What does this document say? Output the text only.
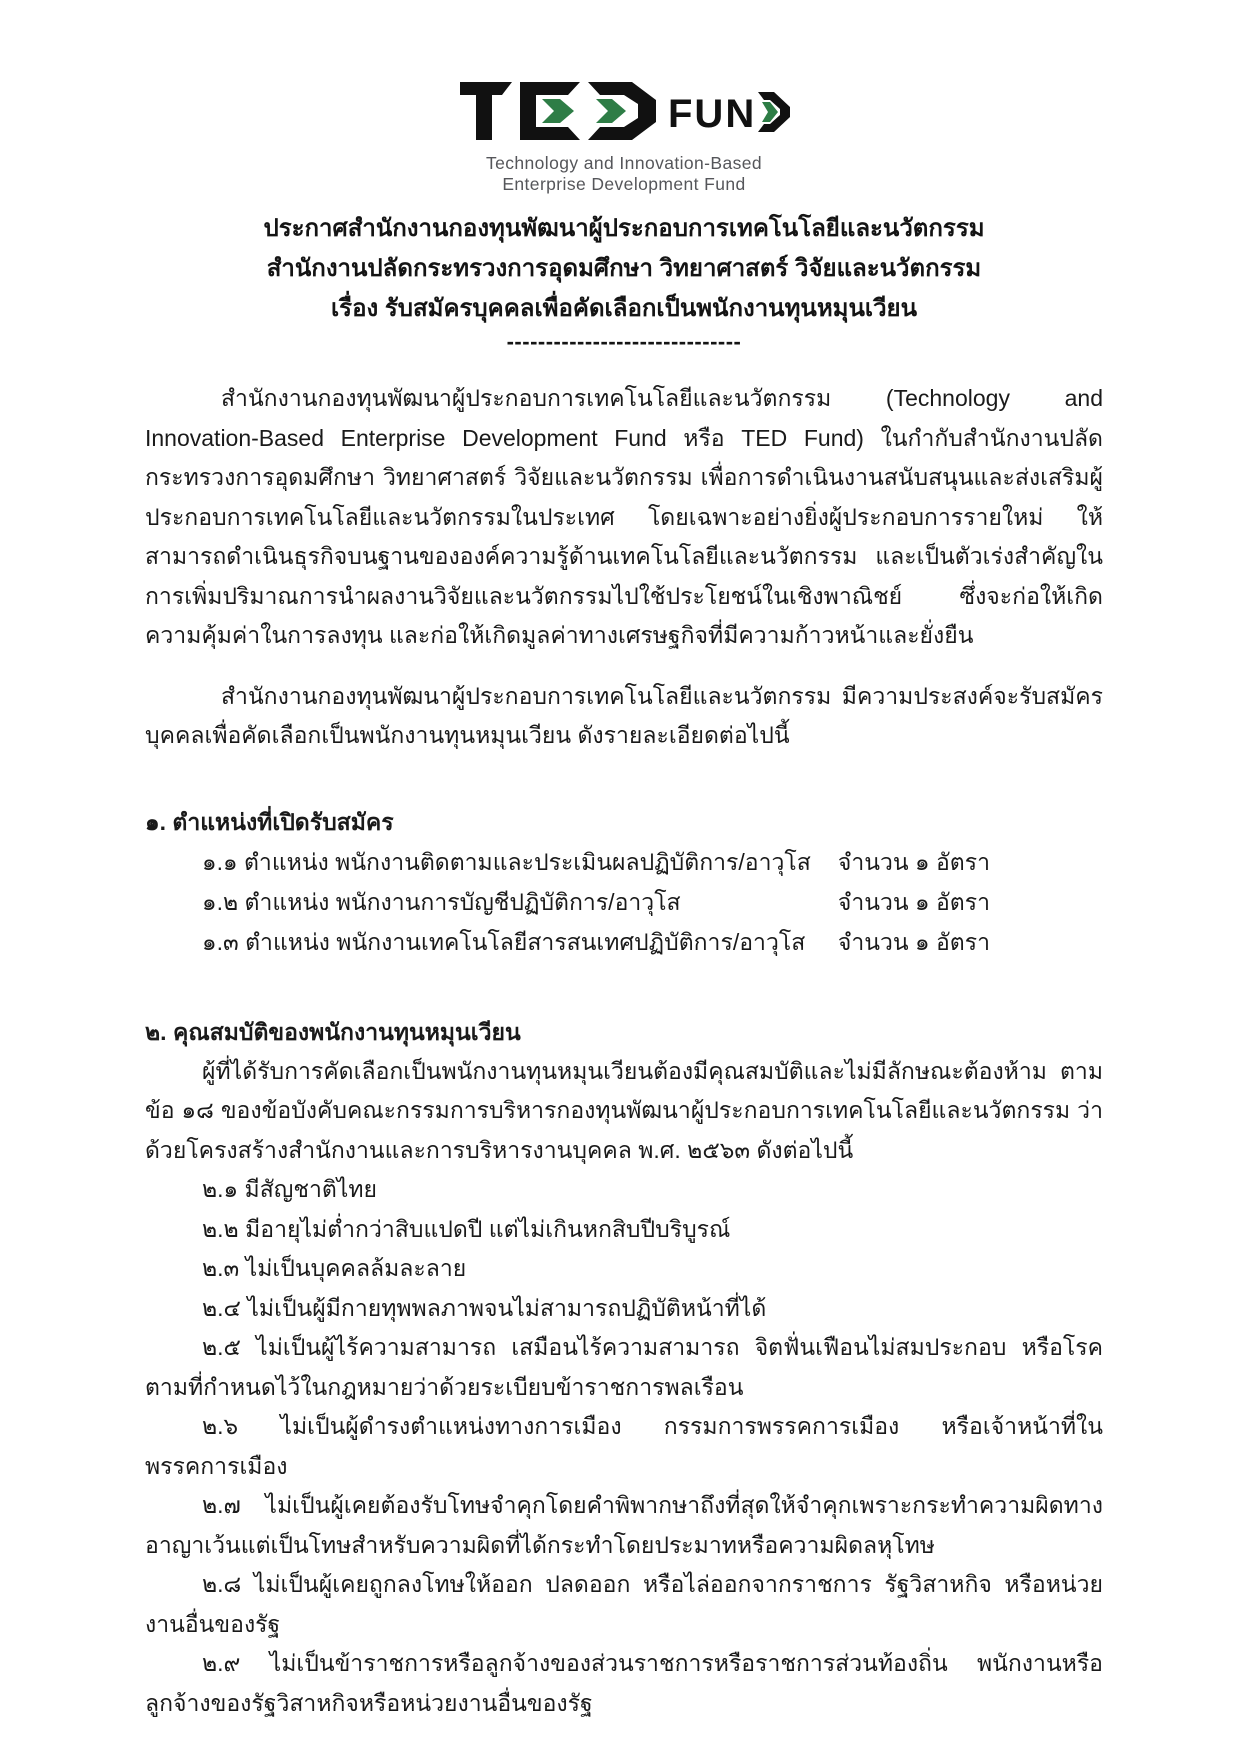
FUN
Technology and Innovation-Based
Enterprise Development Fund
ประกาศสำนักงานกองทุนพัฒนาผู้ประกอบการเทคโนโลยีและนวัตกรรม
สำนักงานปลัดกระทรวงการอุดมศึกษา วิทยาศาสตร์ วิจัยและนวัตกรรม
เรื่อง รับสมัครบุคคลเพื่อคัดเลือกเป็นพนักงานทุนหมุนเวียน
------------------------------

สำนักงานกองทุนพัฒนาผู้ประกอบการเทคโนโลยีและนวัตกรรม (Technology and Innovation-Based Enterprise Development Fund หรือ TED Fund) ในกำกับสำนักงานปลัดกระทรวงการอุดมศึกษา วิทยาศาสตร์ วิจัยและนวัตกรรม เพื่อการดำเนินงานสนับสนุนและส่งเสริมผู้ประกอบการเทคโนโลยีและนวัตกรรมในประเทศ โดยเฉพาะอย่างยิ่งผู้ประกอบการรายใหม่ ให้สามารถดำเนินธุรกิจบนฐานขององค์ความรู้ด้านเทคโนโลยีและนวัตกรรม และเป็นตัวเร่งสำคัญในการเพิ่มปริมาณการนำผลงานวิจัยและนวัตกรรมไปใช้ประโยชน์ในเชิงพาณิชย์ ซึ่งจะก่อให้เกิดความคุ้มค่าในการลงทุน และก่อให้เกิดมูลค่าทางเศรษฐกิจที่มีความก้าวหน้าและยั่งยืน

สำนักงานกองทุนพัฒนาผู้ประกอบการเทคโนโลยีและนวัตกรรม มีความประสงค์จะรับสมัครบุคคลเพื่อคัดเลือกเป็นพนักงานทุนหมุนเวียน ดังรายละเอียดต่อไปนี้

๑. ตำแหน่งที่เปิดรับสมัคร

๑.๑ ตำแหน่ง พนักงานติดตามและประเมินผลปฏิบัติการ/อาวุโส จำนวน ๑ อัตรา
๑.๒ ตำแหน่ง พนักงานการบัญชีปฏิบัติการ/อาวุโส	จำนวน ๑ อัตรา
๑.๓ ตำแหน่ง พนักงานเทคโนโลยีสารสนเทศปฏิบัติการ/อาวุโส จำนวน ๑ อัตรา

๒. คุณสมบัติของพนักงานทุนหมุนเวียน

ผู้ที่ได้รับการคัดเลือกเป็นพนักงานทุนหมุนเวียนต้องมีคุณสมบัติและไม่มีลักษณะต้องห้าม ตามข้อ ๑๘ ของข้อบังคับคณะกรรมการบริหารกองทุนพัฒนาผู้ประกอบการเทคโนโลยีและนวัตกรรม ว่าด้วยโครงสร้างสำนักงานและการบริหารงานบุคคล พ.ศ. ๒๕๖๓ ดังต่อไปนี้

๒.๑ มีสัญชาติไทย

๒.๒ มีอายุไม่ต่ำกว่าสิบแปดปี แต่ไม่เกินหกสิบปีบริบูรณ์

๒.๓ ไม่เป็นบุคคลล้มละลาย

๒.๔ ไม่เป็นผู้มีกายทุพพลภาพจนไม่สามารถปฏิบัติหน้าที่ได้

๒.๕ ไม่เป็นผู้ไร้ความสามารถ เสมือนไร้ความสามารถ จิตฟั่นเฟือนไม่สมประกอบ หรือโรคตามที่กำหนดไว้ในกฎหมายว่าด้วยระเบียบข้าราชการพลเรือน

๒.๖ ไม่เป็นผู้ดำรงตำแหน่งทางการเมือง กรรมการพรรคการเมือง หรือเจ้าหน้าที่ในพรรคการเมือง

๒.๗ ไม่เป็นผู้เคยต้องรับโทษจำคุกโดยคำพิพากษาถึงที่สุดให้จำคุกเพราะกระทำความผิดทางอาญาเว้นแต่เป็นโทษสำหรับความผิดที่ได้กระทำโดยประมาทหรือความผิดลหุโทษ

๒.๘ ไม่เป็นผู้เคยถูกลงโทษให้ออก ปลดออก หรือไล่ออกจากราชการ รัฐวิสาหกิจ หรือหน่วยงานอื่นของรัฐ

๒.๙ ไม่เป็นข้าราชการหรือลูกจ้างของส่วนราชการหรือราชการส่วนท้องถิ่น พนักงานหรือลูกจ้างของรัฐวิสาหกิจหรือหน่วยงานอื่นของรัฐ
